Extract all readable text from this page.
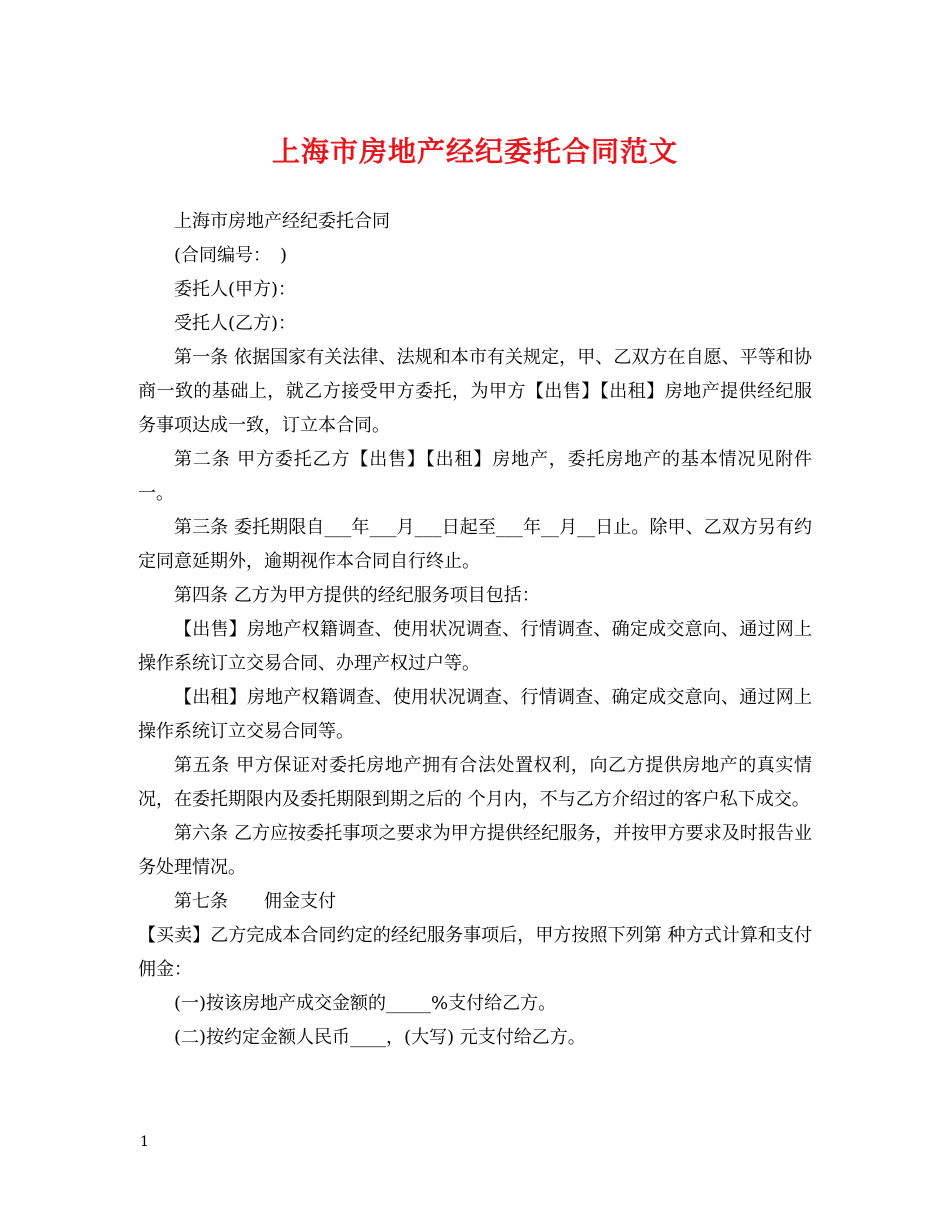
上海市房地产经纪委托合同范文

上海市房地产经纪委托合同

(合同编号：　)

委托人(甲方)：

受托人(乙方)：

第一条 依据国家有关法律、法规和本市有关规定，甲、乙双方在自愿、平等和协商一致的基础上，就乙方接受甲方委托，为甲方【出售】【出租】房地产提供经纪服务事项达成一致，订立本合同。

第二条 甲方委托乙方【出售】【出租】房地产，委托房地产的基本情况见附件一。

第三条 委托期限自___年___月___日起至___年__月__日止。除甲、乙双方另有约定同意延期外，逾期视作本合同自行终止。

第四条 乙方为甲方提供的经纪服务项目包括：

【出售】房地产权籍调查、使用状况调查、行情调查、确定成交意向、通过网上操作系统订立交易合同、办理产权过户等。

【出租】房地产权籍调查、使用状况调查、行情调查、确定成交意向、通过网上操作系统订立交易合同等。

第五条 甲方保证对委托房地产拥有合法处置权利，向乙方提供房地产的真实情况，在委托期限内及委托期限到期之后的 个月内，不与乙方介绍过的客户私下成交。

第六条 乙方应按委托事项之要求为甲方提供经纪服务，并按甲方要求及时报告业务处理情况。

第七条　　佣金支付

【买卖】乙方完成本合同约定的经纪服务事项后，甲方按照下列第 种方式计算和支付佣金：

(一)按该房地产成交金额的_____%支付给乙方。

(二)按约定金额人民币____，(大写) 元支付给乙方。

1
